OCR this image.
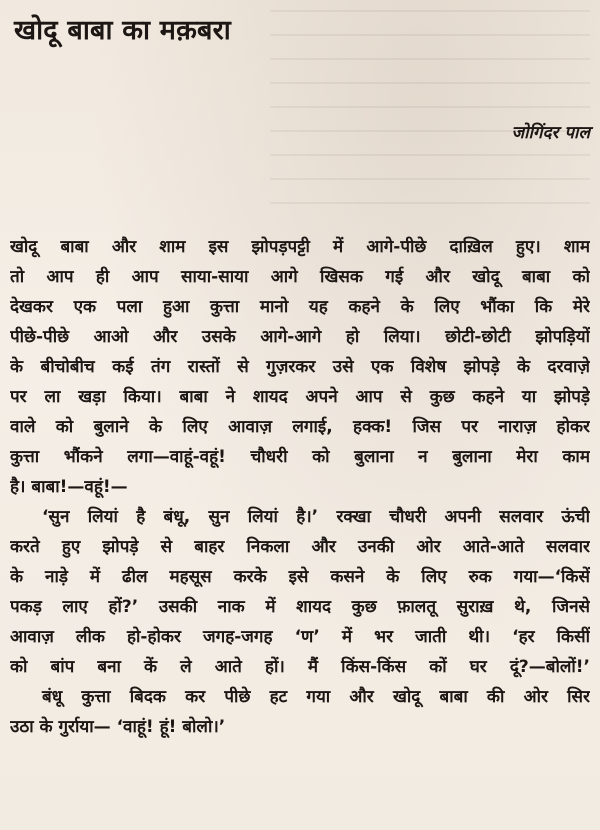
खोदू बाबा का मक़बरा
जोगिंदर पाल
खोदू बाबा और शाम इस झोपड़पट्टी में आगे-पीछे दाख़िल हुए। शाम
तो आप ही आप साया-साया आगे खिसक गई और खोदू बाबा को
देखकर एक पला हुआ कुत्ता मानो यह कहने के लिए भौंका कि मेरे
पीछे-पीछे आओ और उसके आगे-आगे हो लिया। छोटी-छोटी झोपड़ियों
के बीचोबीच कई तंग रास्तों से गुज़रकर उसे एक विशेष झोपड़े के दरवाज़े
पर ला खड़ा किया। बाबा ने शायद अपने आप से कुछ कहने या झोपड़े
वाले को बुलाने के लिए आवाज़ लगाई, हक्क! जिस पर नाराज़ होकर
कुत्ता भौंकने लगा—वाहूं-वहूं! चौधरी को बुलाना न बुलाना मेरा काम
है। बाबा!—वहूं!—
‘सुन लियां है बंधू, सुन लियां है।’ रक्खा चौधरी अपनी सलवार ऊंची
करते हुए झोपड़े से बाहर निकला और उनकी ओर आते-आते सलवार
के नाड़े में ढील महसूस करके इसे कसने के लिए रुक गया—‘किसें
पकड़ लाए हों?’ उसकी नाक में शायद कुछ फ़ालतू सुराख़ थे, जिनसे
आवाज़ लीक हो-होकर जगह-जगह ‘ण’ में भर जाती थी। ‘हर किसीं
को बांप बना कें ले आते हों। मैं किंस-किंस कों घर दूं?—बोलों!’
बंधू कुत्ता बिदक कर पीछे हट गया और खोदू बाबा की ओर सिर
उठा के गुर्राया— ‘वाहूं! हूं! बोलो।’
